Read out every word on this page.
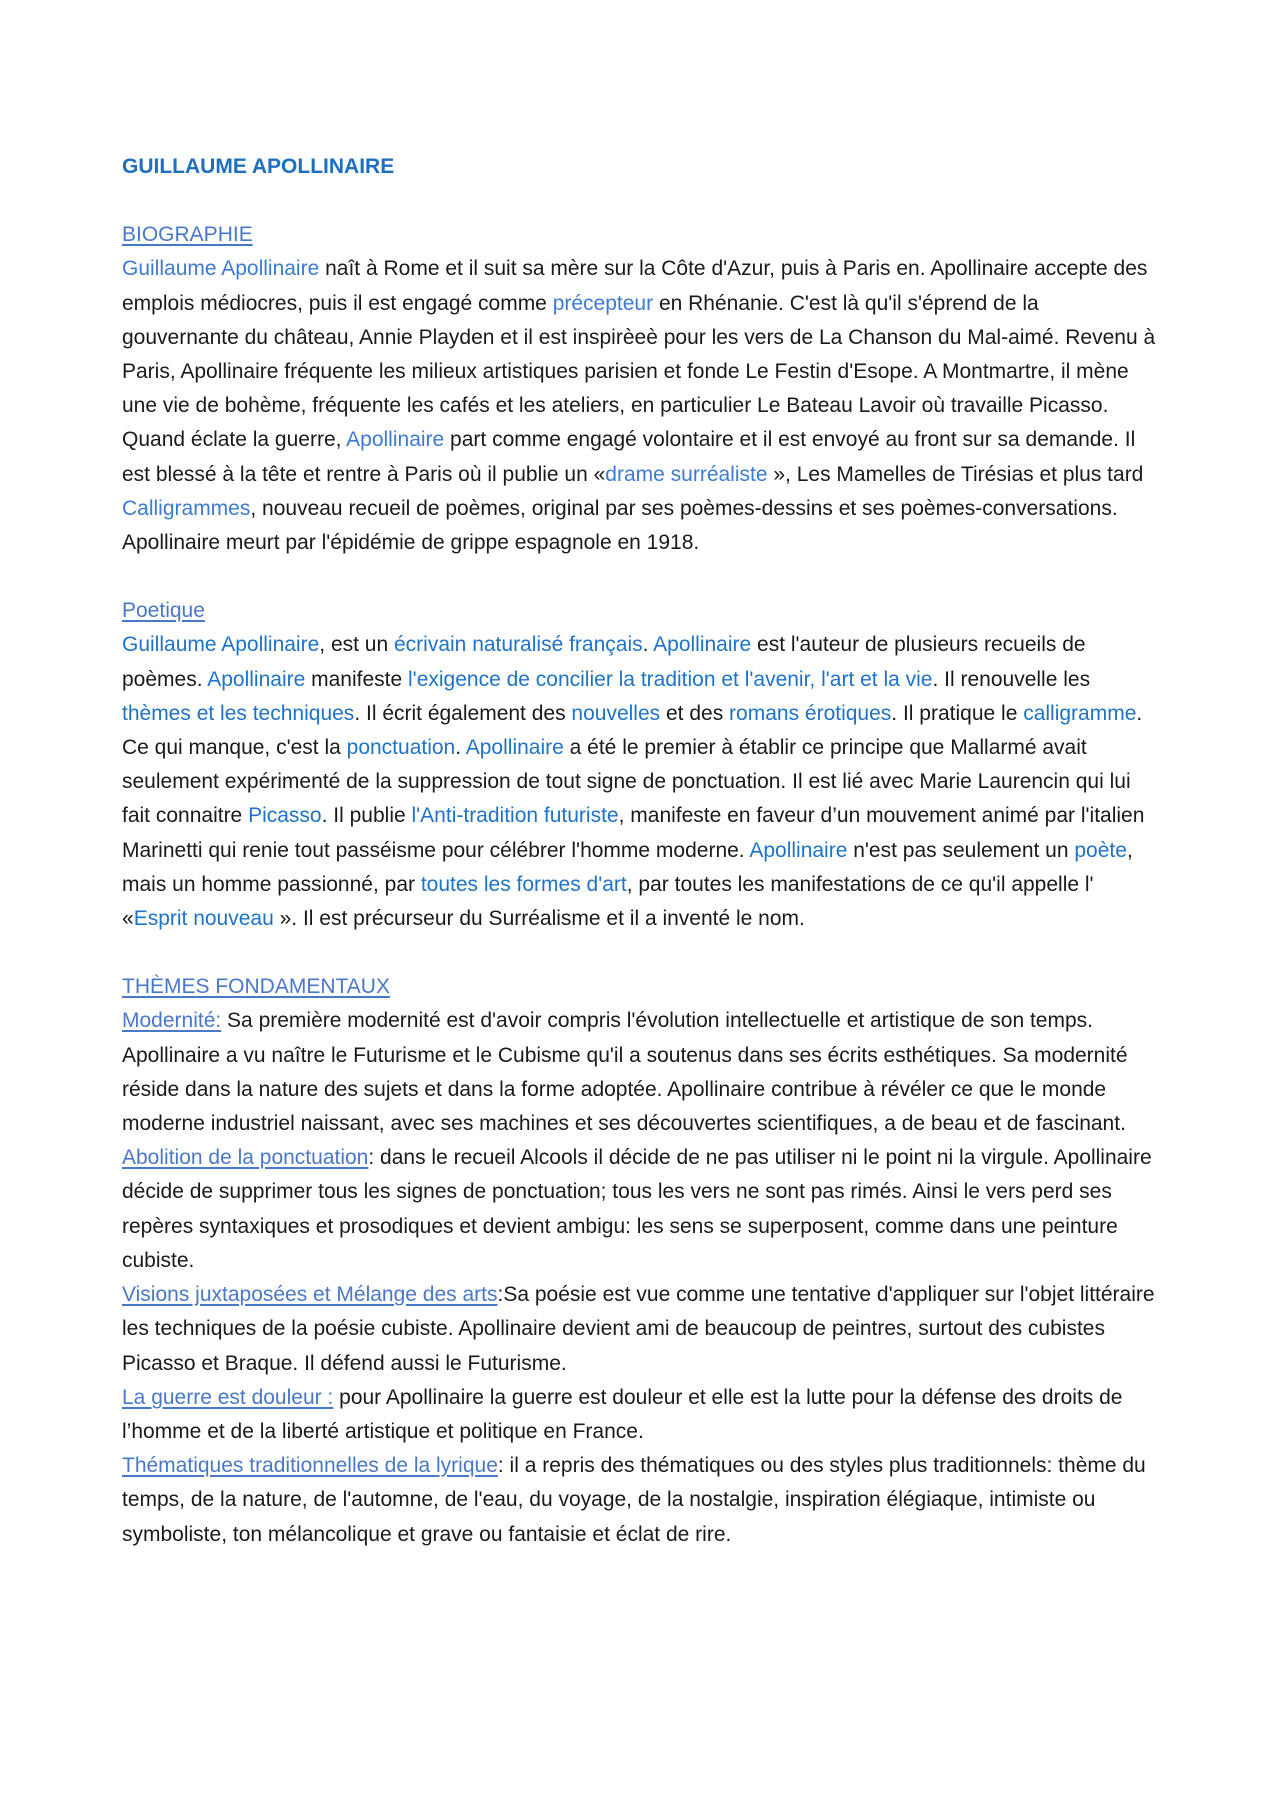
GUILLAUME APOLLINAIRE
BIOGRAPHIE

Guillaume Apollinaire naît à Rome et il suit sa mère sur la Côte d'Azur, puis à Paris en. Apollinaire accepte des emplois médiocres, puis il est engagé comme précepteur en Rhénanie. C'est là qu'il s'éprend de la gouvernante du château, Annie Playden et il est inspirèeè pour les vers de La Chanson du Mal-aimé. Revenu à Paris, Apollinaire fréquente les milieux artistiques parisien et fonde Le Festin d'Esope. A Montmartre, il mène une vie de bohème, fréquente les cafés et les ateliers, en particulier Le Bateau Lavoir où travaille Picasso. Quand éclate la guerre, Apollinaire part comme engagé volontaire et il est envoyé au front sur sa demande. Il est blessé à la tête et rentre à Paris où il publie un «drame surréaliste », Les Mamelles de Tirésias et plus tard Calligrammes, nouveau recueil de poèmes, original par ses poèmes-dessins et ses poèmes-conversations. Apollinaire meurt par l'épidémie de grippe espagnole en 1918.

Poetique

Guillaume Apollinaire, est un écrivain naturalisé français. Apollinaire est l'auteur de plusieurs recueils de poèmes. Apollinaire manifeste l'exigence de concilier la tradition et l'avenir, l'art et la vie. Il renouvelle les thèmes et les techniques. Il écrit également des nouvelles et des romans érotiques. Il pratique le calligramme. Ce qui manque, c'est la ponctuation. Apollinaire a été le premier à établir ce principe que Mallarmé avait seulement expérimenté de la suppression de tout signe de ponctuation. Il est lié avec Marie Laurencin qui lui fait connaitre Picasso. Il publie l'Anti-tradition futuriste, manifeste en faveur d’un mouvement animé par l'italien Marinetti qui renie tout passéisme pour célébrer l'homme moderne. Apollinaire n'est pas seulement un poète, mais un homme passionné, par toutes les formes d'art, par toutes les manifestations de ce qu'il appelle l' «Esprit nouveau ». Il est précurseur du Surréalisme et il a inventé le nom.

THÈMES FONDAMENTAUX

Modernité: Sa première modernité est d'avoir compris l'évolution intellectuelle et artistique de son temps. Apollinaire a vu naître le Futurisme et le Cubisme qu'il a soutenus dans ses écrits esthétiques. Sa modernité réside dans la nature des sujets et dans la forme adoptée. Apollinaire contribue à révéler ce que le monde moderne industriel naissant, avec ses machines et ses découvertes scientifiques, a de beau et de fascinant.

Abolition de la ponctuation: dans le recueil Alcools il décide de ne pas utiliser ni le point ni la virgule. Apollinaire décide de supprimer tous les signes de ponctuation; tous les vers ne sont pas rimés. Ainsi le vers perd ses repères syntaxiques et prosodiques et devient ambigu: les sens se superposent, comme dans une peinture cubiste.

Visions juxtaposées et Mélange des arts:Sa poésie est vue comme une tentative d'appliquer sur l'objet littéraire les techniques de la poésie cubiste. Apollinaire devient ami de beaucoup de peintres, surtout des cubistes Picasso et Braque. Il défend aussi le Futurisme.

La guerre est douleur : pour Apollinaire la guerre est douleur et elle est la lutte pour la défense des droits de l’homme et de la liberté artistique et politique en France.

Thématiques traditionnelles de la lyrique: il a repris des thématiques ou des styles plus traditionnels: thème du temps, de la nature, de l'automne, de l'eau, du voyage, de la nostalgie, inspiration élégiaque, intimiste ou symboliste, ton mélancolique et grave ou fantaisie et éclat de rire.
